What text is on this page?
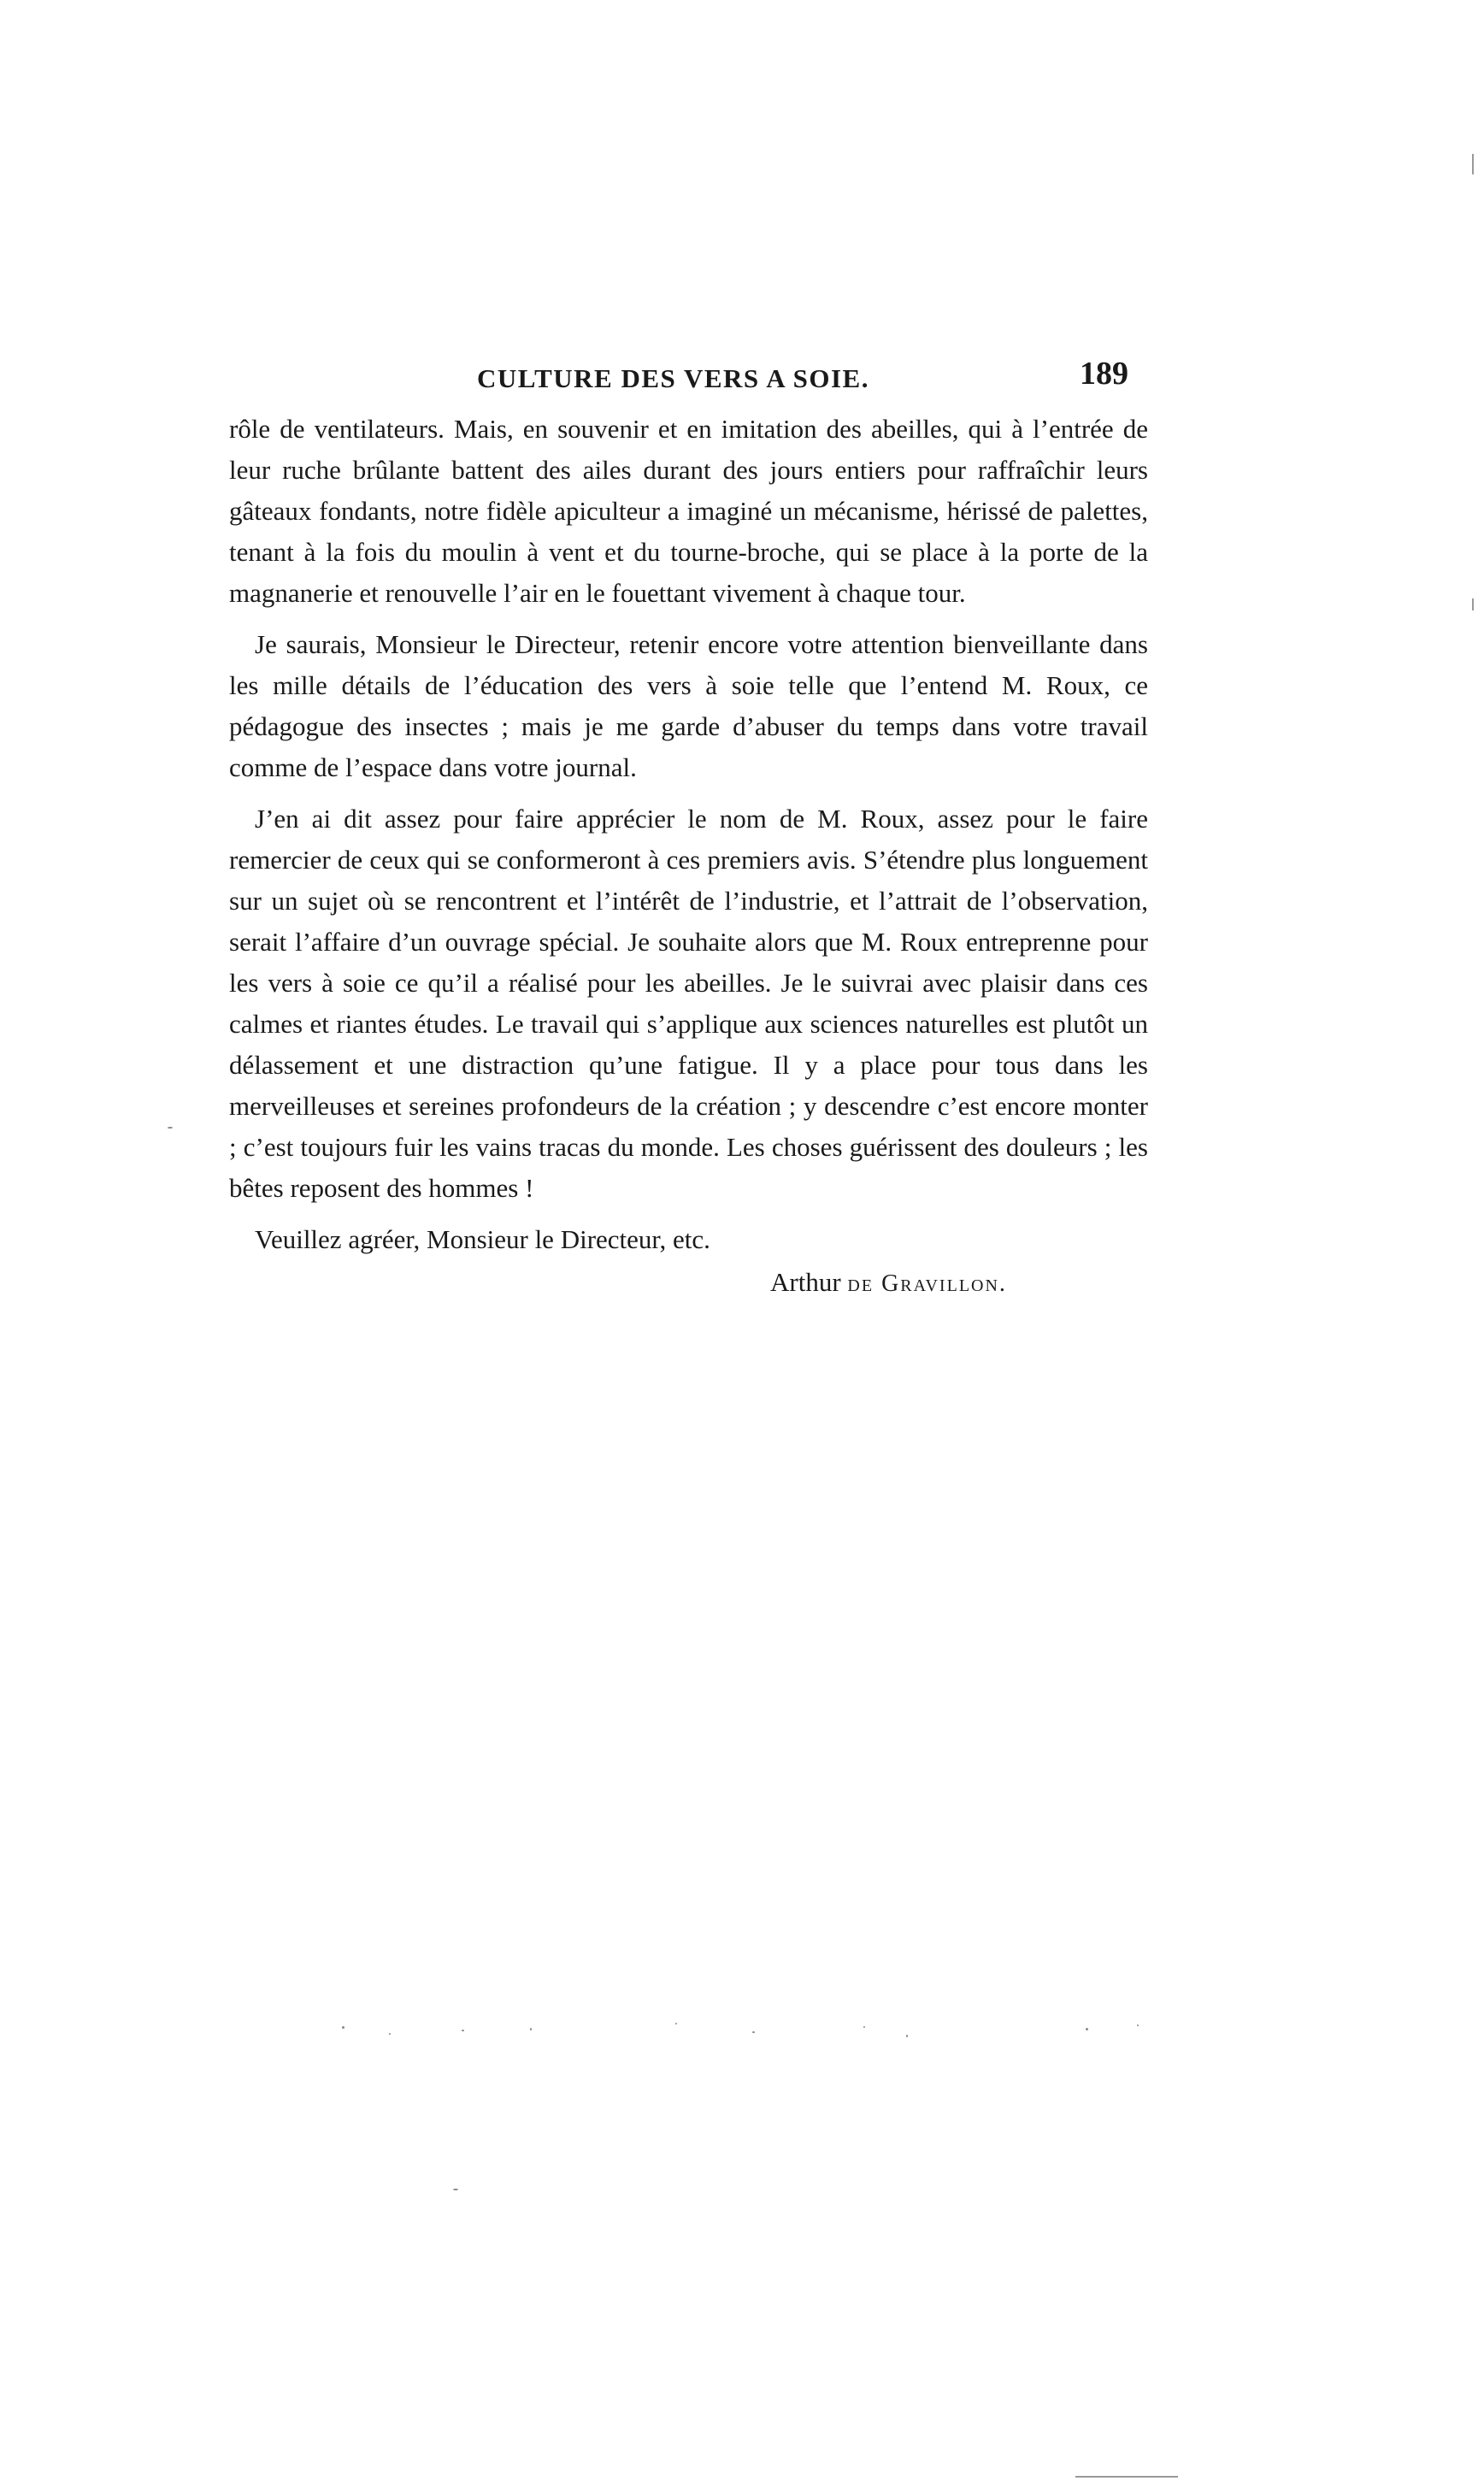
CULTURE DES VERS A SOIE.	189

rôle de ventilateurs. Mais, en souvenir et en imitation des abeilles, qui à l’entrée de leur ruche brûlante battent des ailes durant des jours entiers pour raffraîchir leurs gâteaux fondants, notre fidèle apiculteur a imaginé un mécanisme, hérissé de palettes, tenant à la fois du moulin à vent et du tourne-broche, qui se place à la porte de la magnanerie et renouvelle l’air en le fouettant vivement à chaque tour.

Je saurais, Monsieur le Directeur, retenir encore votre attention bienveillante dans les mille détails de l’éducation des vers à soie telle que l’entend M. Roux, ce pédagogue des insectes ; mais je me garde d’abuser du temps dans votre travail comme de l’espace dans votre journal.

J’en ai dit assez pour faire apprécier le nom de M. Roux, assez pour le faire remercier de ceux qui se conformeront à ces premiers avis. S’étendre plus longuement sur un sujet où se rencontrent et l’intérêt de l’industrie, et l’attrait de l’observation, serait l’affaire d’un ouvrage spécial. Je souhaite alors que M. Roux entreprenne pour les vers à soie ce qu’il a réalisé pour les abeilles. Je le suivrai avec plaisir dans ces calmes et riantes études. Le travail qui s’applique aux sciences naturelles est plutôt un délassement et une distraction qu’une fatigue. Il y a place pour tous dans les merveilleuses et sereines profondeurs de la création ; y descendre c’est encore monter ; c’est toujours fuir les vains tracas du monde. Les choses guérissent des douleurs ; les bêtes reposent des hommes !

Veuillez agréer, Monsieur le Directeur, etc.

Arthur de Gravillon.
